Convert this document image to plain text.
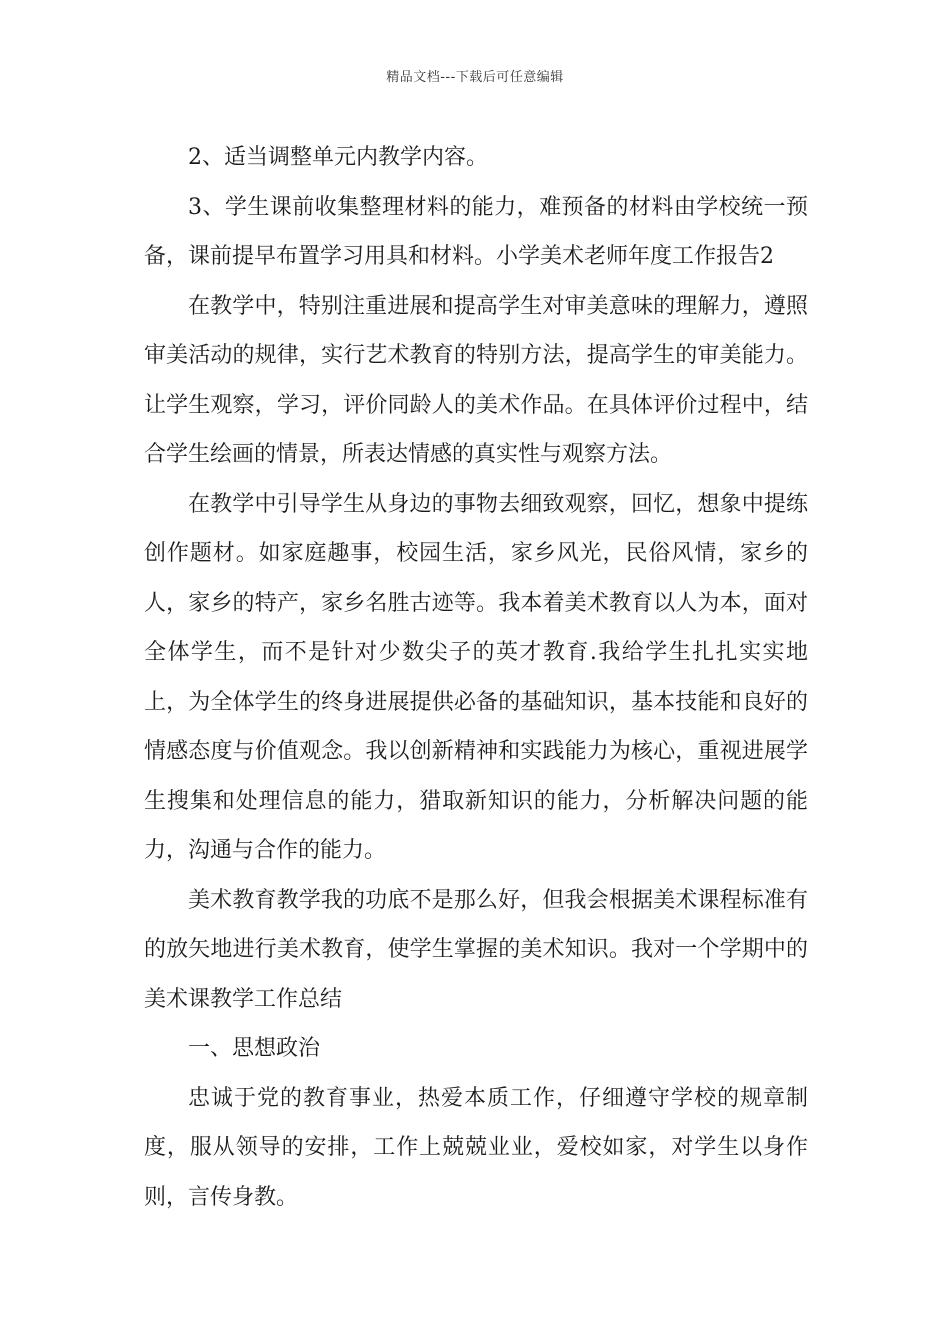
精品文档---下载后可任意编辑

2、适当调整单元内教学内容。

3、学生课前收集整理材料的能力，难预备的材料由学校统一预备，课前提早布置学习用具和材料。小学美术老师年度工作报告2

在教学中，特别注重进展和提高学生对审美意味的理解力，遵照审美活动的规律，实行艺术教育的特别方法，提高学生的审美能力。让学生观察，学习，评价同龄人的美术作品。在具体评价过程中，结合学生绘画的情景，所表达情感的真实性与观察方法。

在教学中引导学生从身边的事物去细致观察，回忆，想象中提练创作题材。如家庭趣事，校园生活，家乡风光，民俗风情，家乡的人，家乡的特产，家乡名胜古迹等。我本着美术教育以人为本，面对全体学生，而不是针对少数尖子的英才教育.我给学生扎扎实实地上，为全体学生的终身进展提供必备的基础知识，基本技能和良好的情感态度与价值观念。我以创新精神和实践能力为核心，重视进展学生搜集和处理信息的能力，猎取新知识的能力，分析解决问题的能力，沟通与合作的能力。

美术教育教学我的功底不是那么好，但我会根据美术课程标准有的放矢地进行美术教育，使学生掌握的美术知识。我对一个学期中的美术课教学工作总结

一、思想政治

忠诚于党的教育事业，热爱本质工作，仔细遵守学校的规章制度，服从领导的安排，工作上兢兢业业，爱校如家，对学生以身作则，言传身教。
